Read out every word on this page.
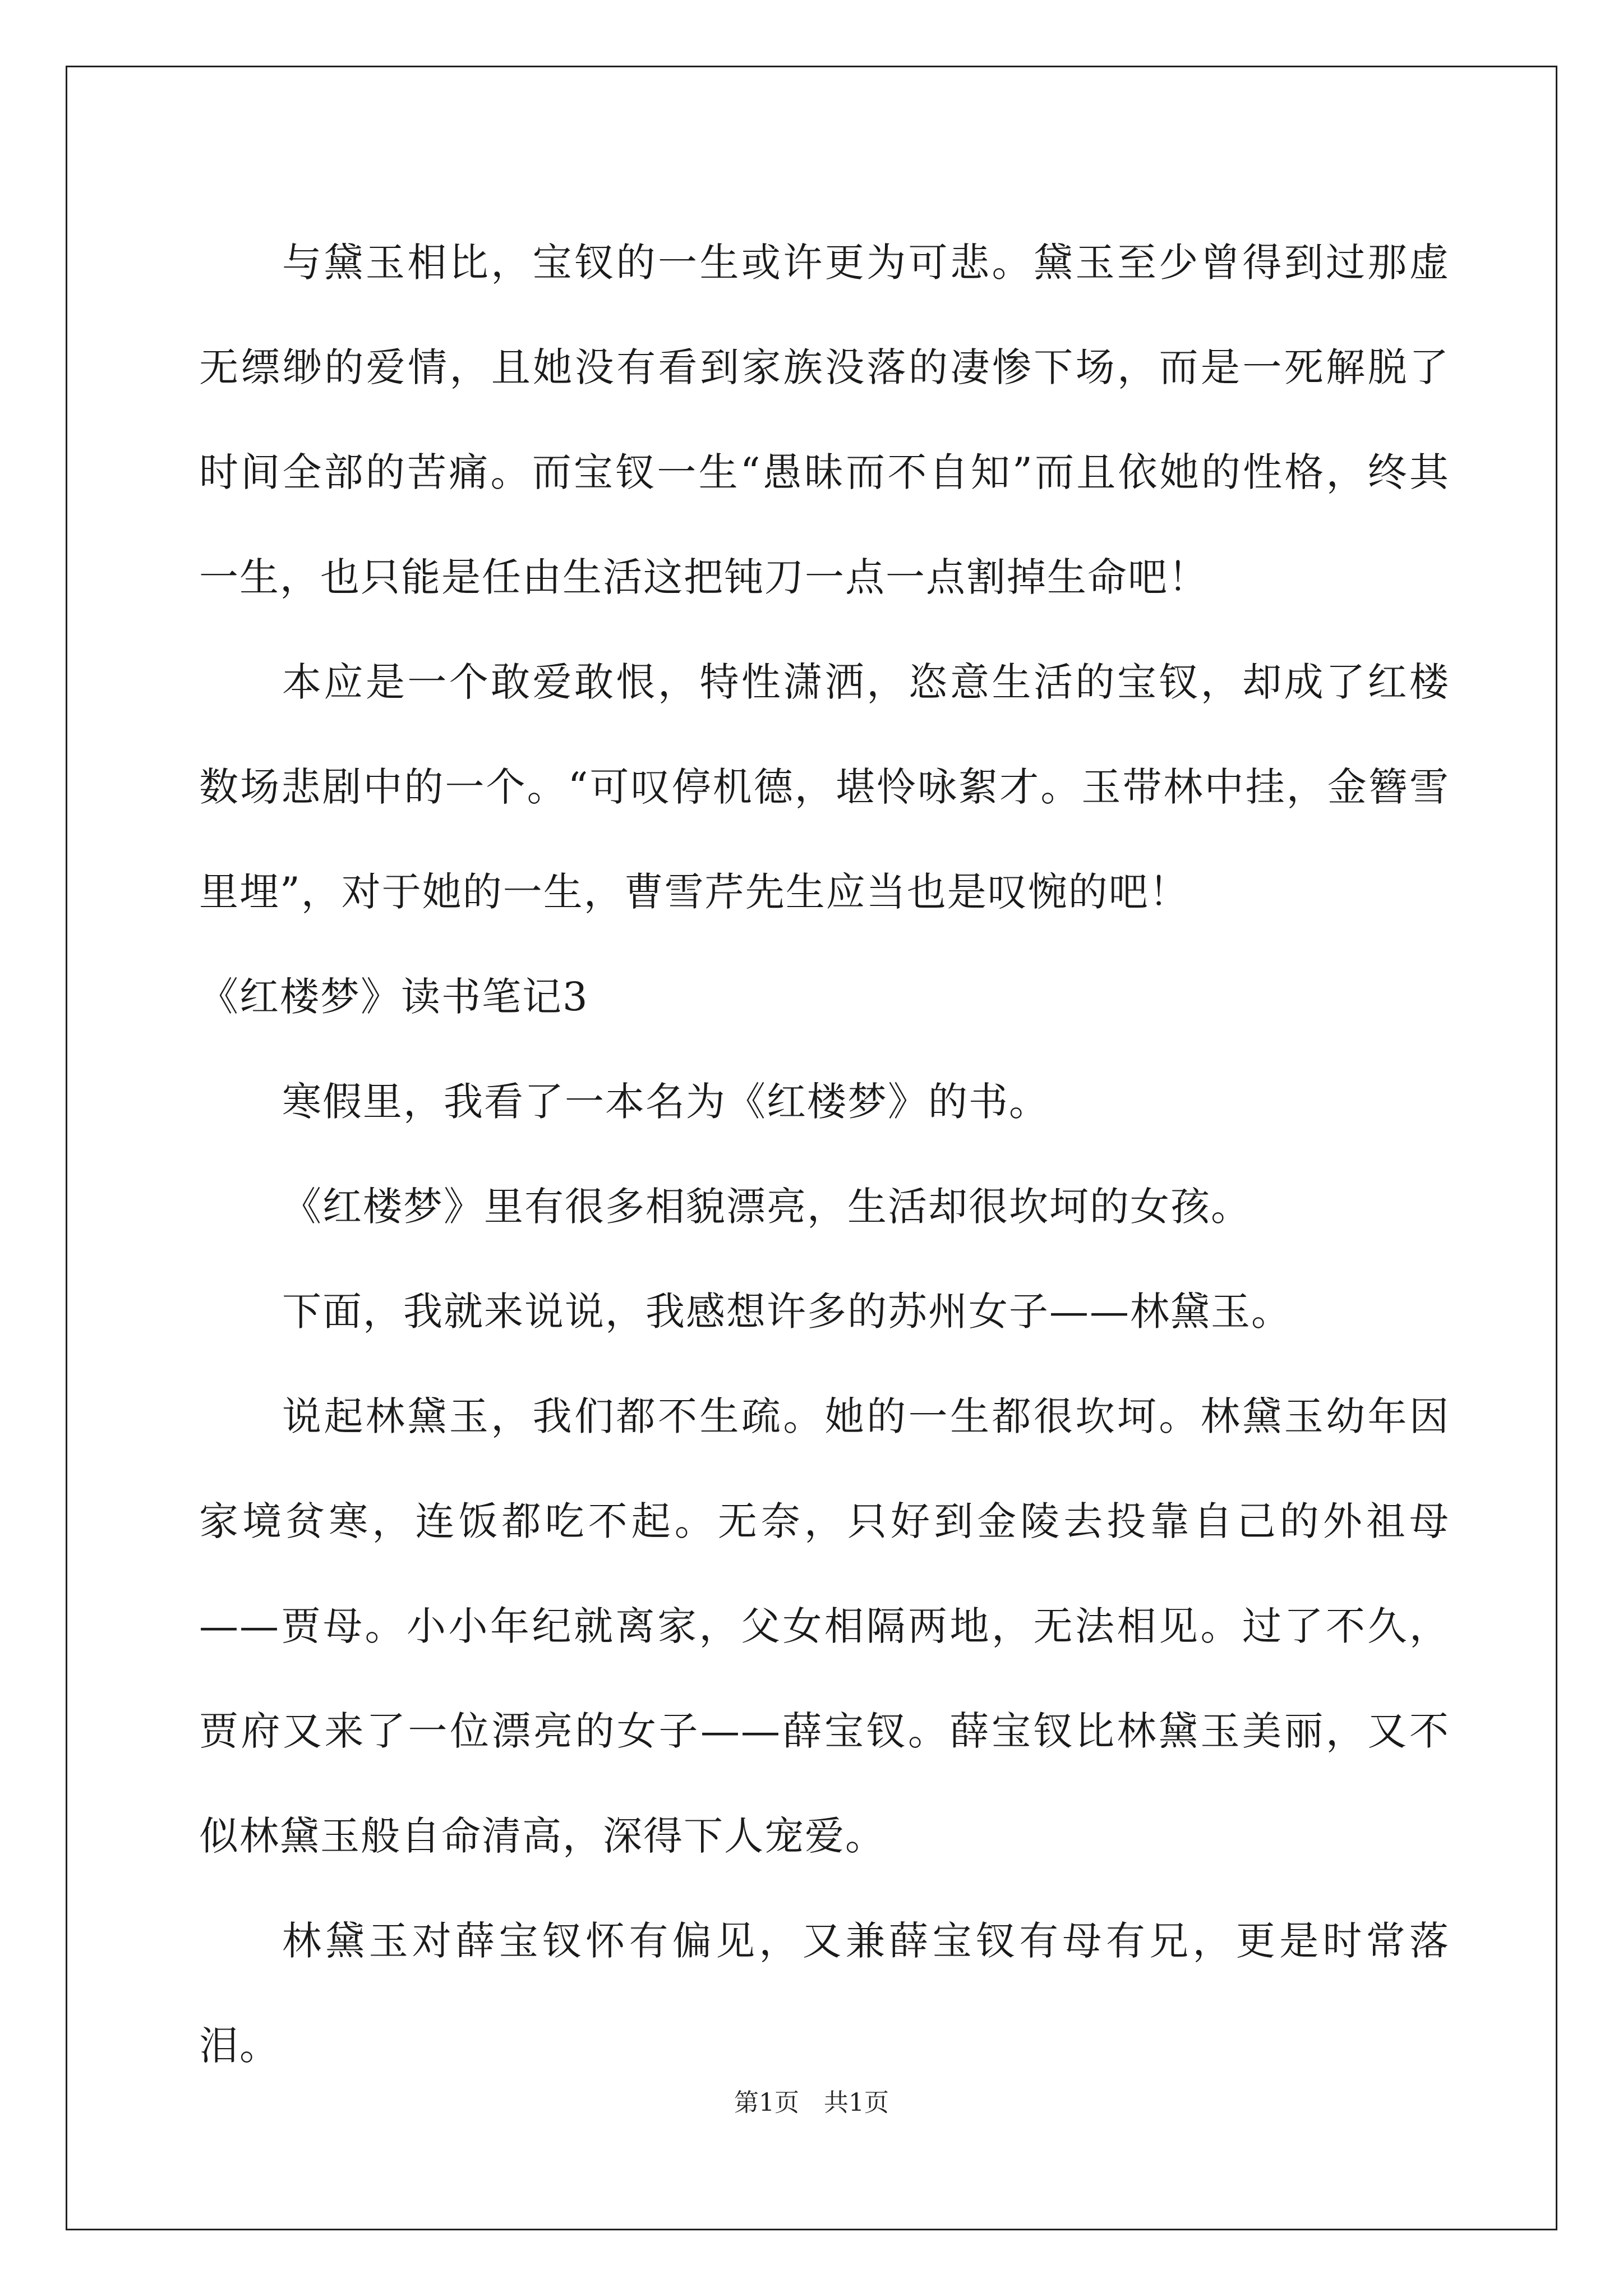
与黛玉相比，宝钗的一生或许更为可悲。黛玉至少曾得到过那虚无缥缈的爱情，且她没有看到家族没落的凄惨下场，而是一死解脱了时间全部的苦痛。而宝钗一生“愚昧而不自知”而且依她的性格，终其一生，也只能是任由生活这把钝刀一点一点割掉生命吧！

本应是一个敢爱敢恨，特性潇洒，恣意生活的宝钗，却成了红楼数场悲剧中的一个。“可叹停机德，堪怜咏絮才。玉带林中挂，金簪雪里埋”，对于她的一生，曹雪芹先生应当也是叹惋的吧！

《红楼梦》读书笔记3

寒假里，我看了一本名为《红楼梦》的书。

《红楼梦》里有很多相貌漂亮，生活却很坎坷的女孩。

下面，我就来说说，我感想许多的苏州女子——林黛玉。

说起林黛玉，我们都不生疏。她的一生都很坎坷。林黛玉幼年因家境贫寒，连饭都吃不起。无奈，只好到金陵去投靠自己的外祖母——贾母。小小年纪就离家，父女相隔两地，无法相见。过了不久，贾府又来了一位漂亮的女子——薛宝钗。薛宝钗比林黛玉美丽，又不似林黛玉般自命清高，深得下人宠爱。

林黛玉对薛宝钗怀有偏见，又兼薛宝钗有母有兄，更是时常落泪。

第1页 共1页
